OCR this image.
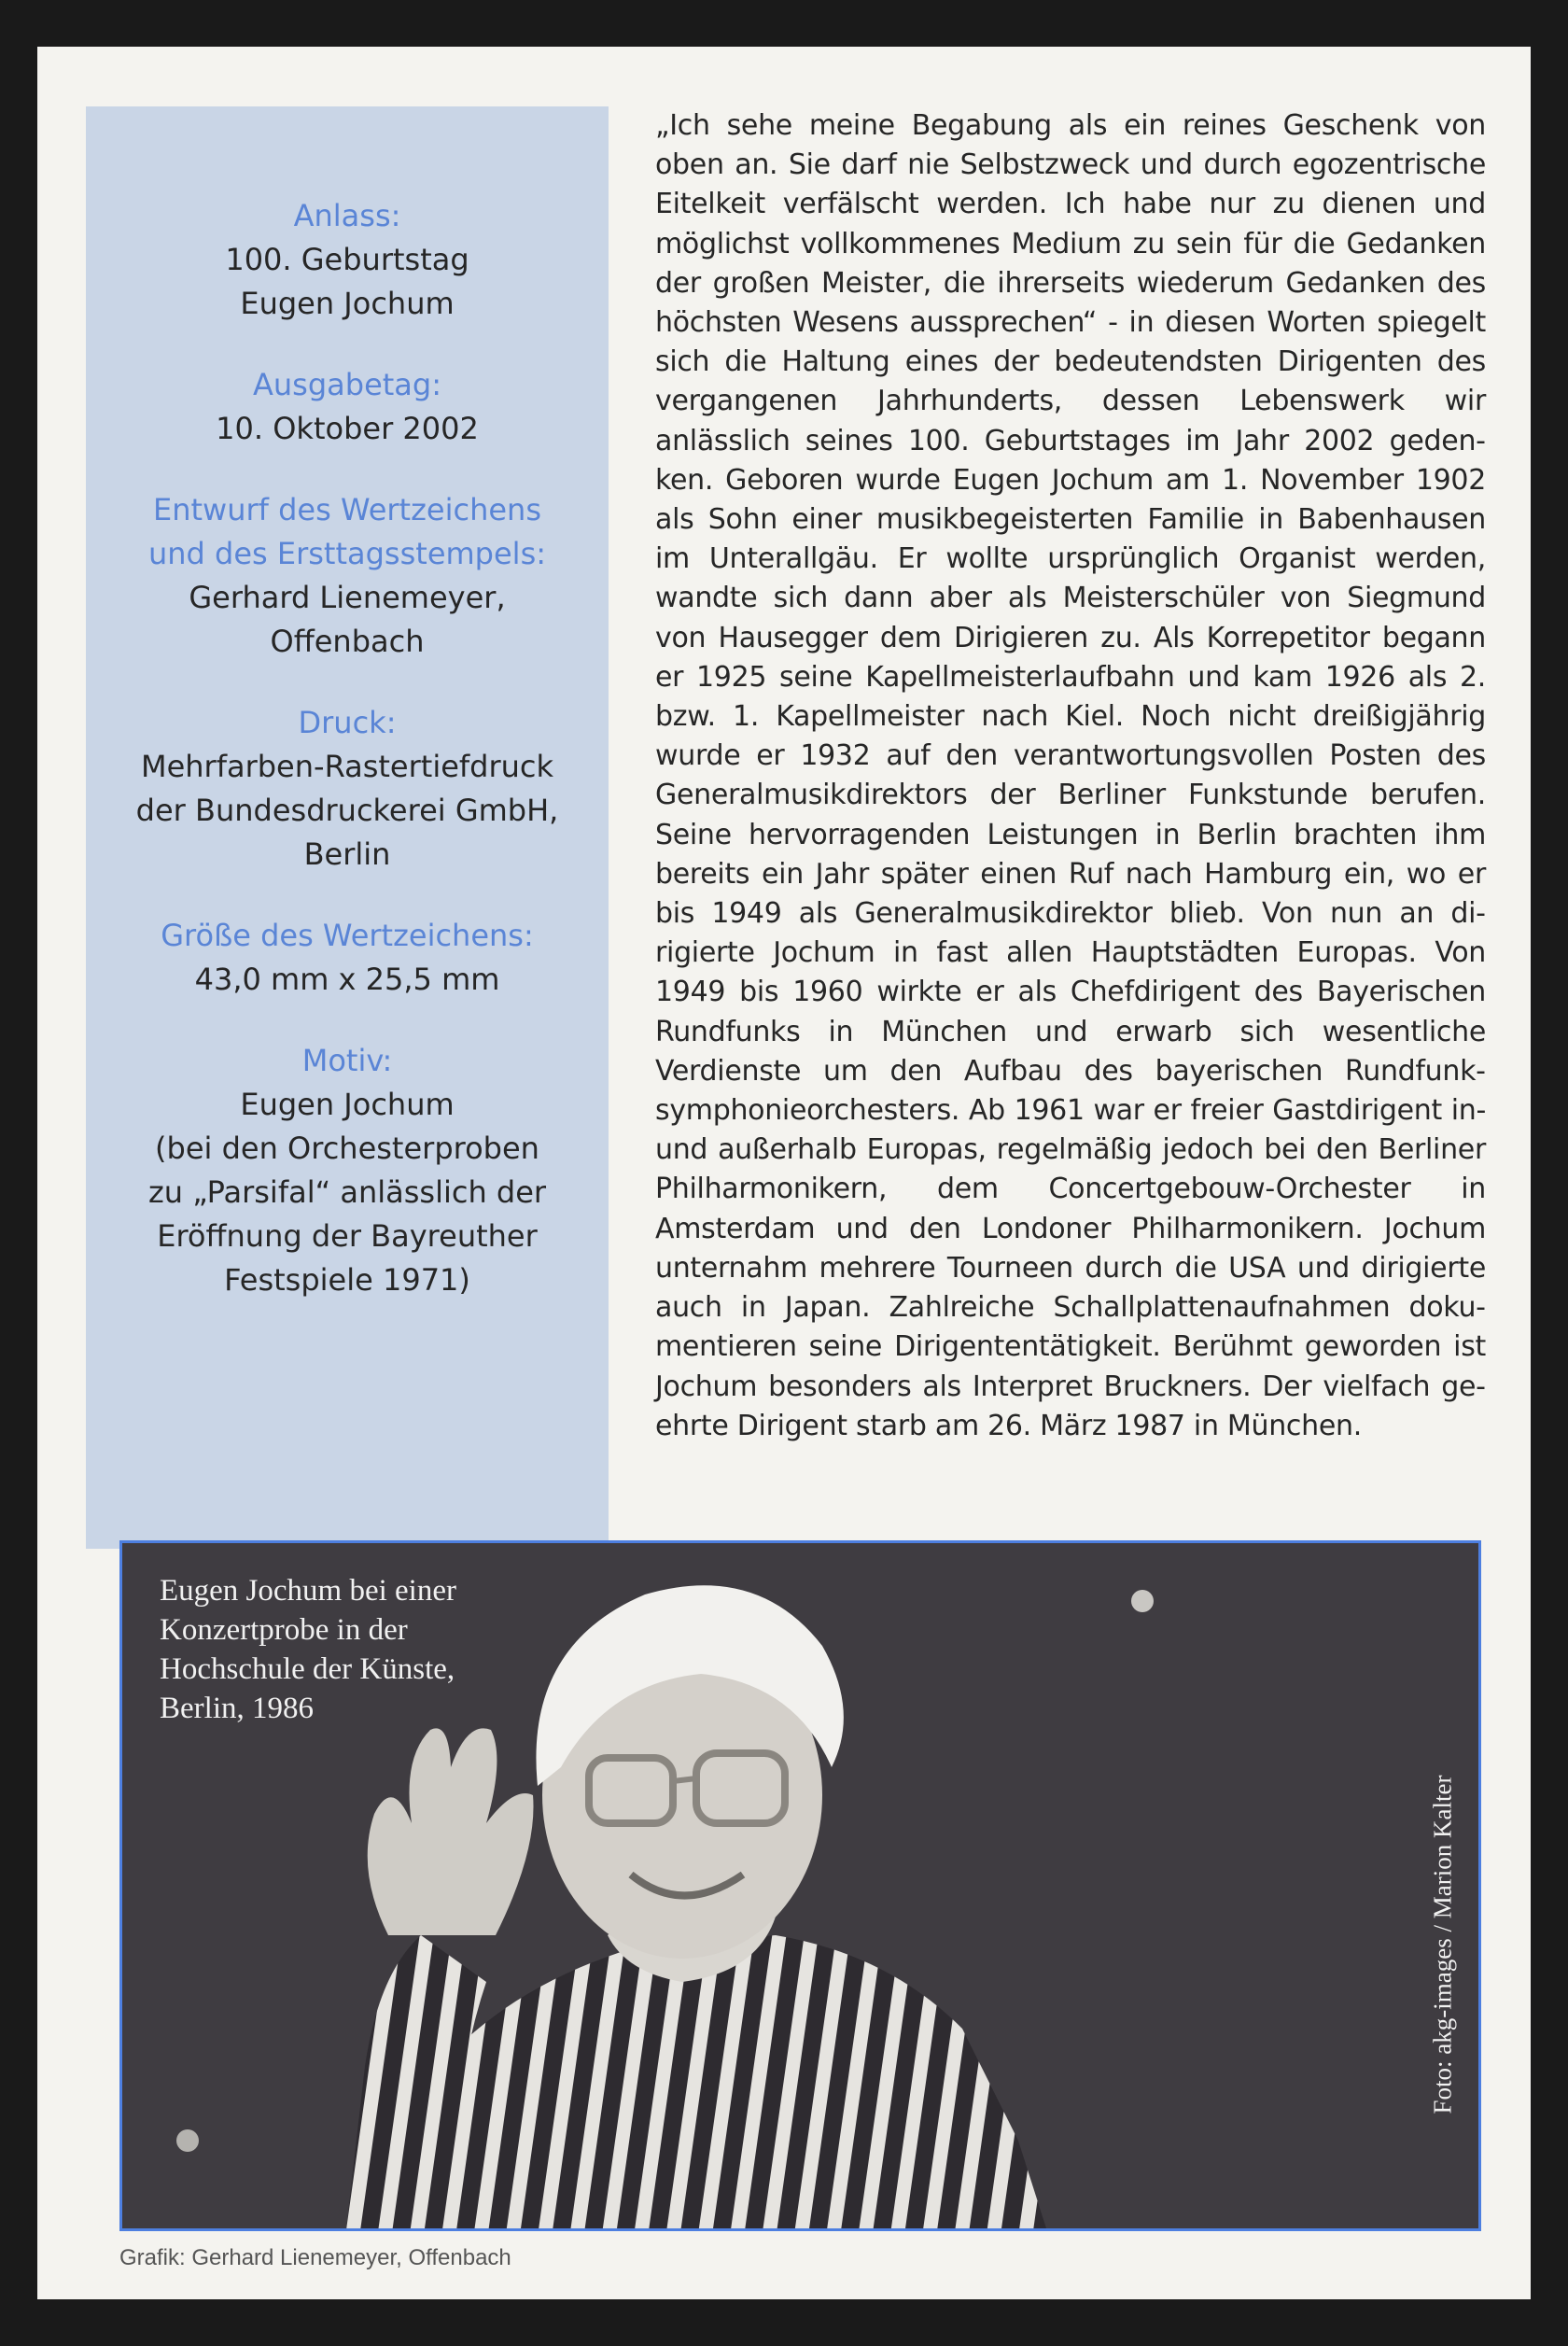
Anlass:
100. Geburtstag
Eugen Jochum
Ausgabetag:
10. Oktober 2002
Entwurf des Wertzeichens
und des Ersttagsstempels:
Gerhard Lienemeyer,
Offenbach
Druck:
Mehrfarben-Rastertiefdruck
der Bundesdruckerei GmbH,
Berlin
Größe des Wertzeichens:
43,0 mm x 25,5 mm
Motiv:
Eugen Jochum
(bei den Orchesterproben
zu „Parsifal“ anlässlich der
Eröffnung der Bayreuther
Festspiele 1971)
„Ich sehe meine Begabung als ein reines Geschenk von oben an. Sie darf nie Selbstzweck und durch egozentrische Eitelkeit verfälscht werden. Ich habe nur zu dienen und möglichst vollkommenes Medium zu sein für die Gedanken der großen Meister, die ihrerseits wiederum Gedanken des höchsten Wesens aussprechen“ - in diesen Worten spiegelt sich die Haltung eines der bedeutendsten Dirigenten des vergangenen Jahrhunderts, dessen Lebenswerk wir anlässlich seines 100. Geburtstages im Jahr 2002 gedenken. Geboren wurde Eugen Jochum am 1. November 1902 als Sohn einer musikbegeisterten Familie in Babenhausen im Unterallgäu. Er wollte ursprünglich Organist werden, wandte sich dann aber als Meisterschüler von Siegmund von Hausegger dem Dirigieren zu. Als Korrepetitor begann er 1925 seine Kapellmeisterlaufbahn und kam 1926 als 2. bzw. 1. Kapellmeister nach Kiel. Noch nicht dreißigjährig wurde er 1932 auf den verantwortungsvollen Posten des Generalmusikdirektors der Berliner Funkstunde berufen. Seine hervorragenden Leistungen in Berlin brachten ihm bereits ein Jahr später einen Ruf nach Hamburg ein, wo er bis 1949 als Generalmusikdirektor blieb. Von nun an dirigierte Jochum in fast allen Hauptstädten Europas. Von 1949 bis 1960 wirkte er als Chefdirigent des Bayerischen Rundfunks in München und erwarb sich wesentliche Verdienste um den Aufbau des bayerischen Rundfunksymphonieorchesters. Ab 1961 war er freier Gastdirigent in- und außerhalb Europas, regelmäßig jedoch bei den Berliner Philharmonikern, dem Concertgebouw-Orchester in Amsterdam und den Londoner Philharmonikern. Jochum unternahm mehrere Tourneen durch die USA und dirigierte auch in Japan. Zahlreiche Schallplattenaufnahmen dokumentieren seine Dirigententätigkeit. Berühmt geworden ist Jochum besonders als Interpret Bruckners. Der vielfach geehrte Dirigent starb am 26. März 1987 in München.
Eugen Jochum bei einer
Konzertprobe in der
Hochschule der Künste,
Berlin, 1986
Foto: akg-images / Marion Kalter
Grafik: Gerhard Lienemeyer, Offenbach
